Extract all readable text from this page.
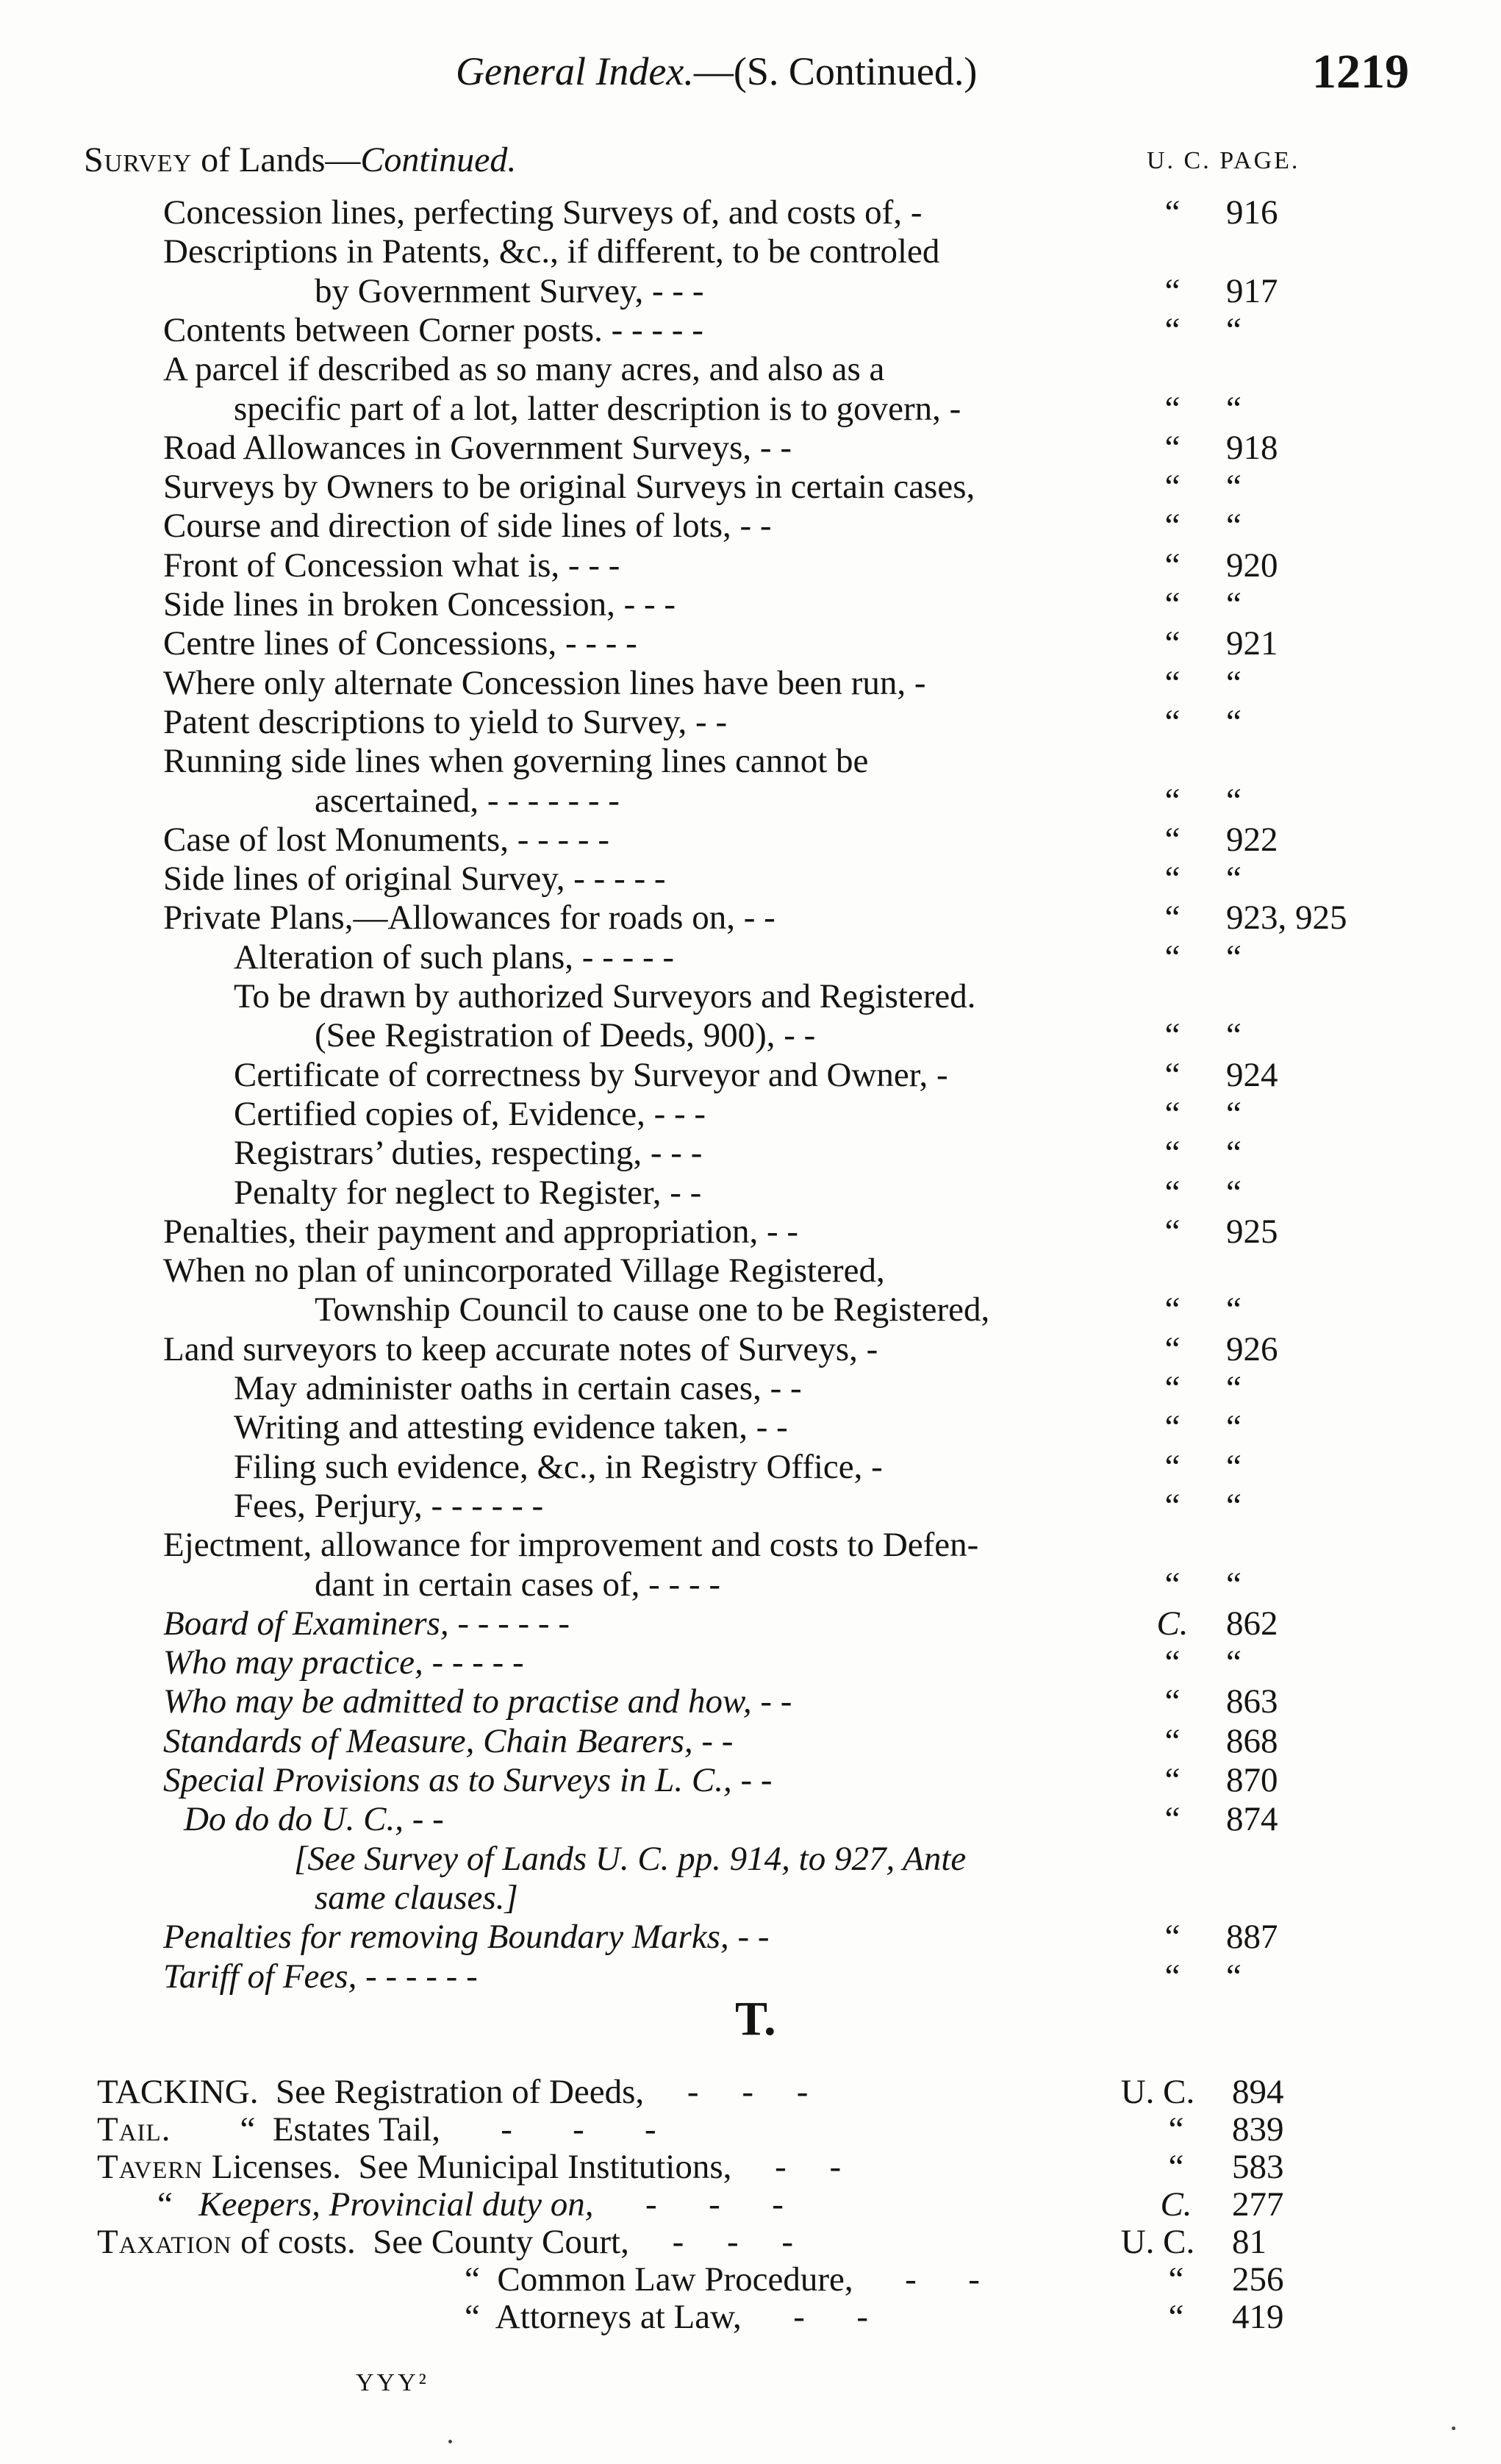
General Index.—(S. Continued.)	1219
Survey of Lands—Continued.	U. C. PAGE.
Concession lines, perfecting Surveys of, and costs of, -	“	916
Descriptions in Patents, &c., if different, to be controled
by Government Survey, - - -	“	917
Contents between Corner posts. - - - - -	“	“
A parcel if described as so many acres, and also as a
specific part of a lot, latter description is to govern, -	“	“
Road Allowances in Government Surveys, - -	“	918
Surveys by Owners to be original Surveys in certain cases,	“	“
Course and direction of side lines of lots, - -	“	“
Front of Concession what is, - - -	“	920
Side lines in broken Concession, - - -	“	“
Centre lines of Concessions, - - - -	“	921
Where only alternate Concession lines have been run, -	“	“
Patent descriptions to yield to Survey, - -	“	“
Running side lines when governing lines cannot be
ascertained, - - - - - - -	“	“
Case of lost Monuments, - - - - -	“	922
Side lines of original Survey, - - - - -	“	“
Private Plans,—Allowances for roads on, - -	“	923, 925
Alteration of such plans, - - - - -	“	“
To be drawn by authorized Surveyors and Registered.
(See Registration of Deeds, 900), - -	“	“
Certificate of correctness by Surveyor and Owner, -	“	924
Certified copies of, Evidence, - - -	“	“
Registrars’ duties, respecting, - - -	“	“
Penalty for neglect to Register, - -	“	“
Penalties, their payment and appropriation, - -	“	925
When no plan of unincorporated Village Registered,
Township Council to cause one to be Registered,	“	“
Land surveyors to keep accurate notes of Surveys, -	“	926
May administer oaths in certain cases, - -	“	“
Writing and attesting evidence taken, - -	“	“
Filing such evidence, &c., in Registry Office, -	“	“
Fees, Perjury, - - - - - -	“	“
Ejectment, allowance for improvement and costs to Defen-
dant in certain cases of, - - - -	“	“
Board of Examiners, - - - - - -	C. 862
Who may practice, - - - - -	“	“
Who may be admitted to practise and how, - -	“	863
Standards of Measure, Chain Bearers, - -	“	868
Special Provisions as to Surveys in L. C., - -	“	870
Do do do U. C., - -	“	874
[See Survey of Lands U. C. pp. 914, to 927, Ante
same clauses.]
Penalties for removing Boundary Marks, - -	“	887
Tariff of Fees, - - - - - -	“	“
T.
TACKING.  See Registration of Deeds,     -     -     -	U. C. 894
Tail.        “  Estates Tail,       -       -       -	“	839
Tavern Licenses.  See Municipal Institutions,     -     -	“	583
“   Keepers, Provincial duty on,      -      -      -	C. 277
Taxation of costs.  See County Court,     -     -     -	U. C. 81
“  Common Law Procedure,      -      -	“	256
“  Attorneys at Law,      -      -	“	419
YYY²
